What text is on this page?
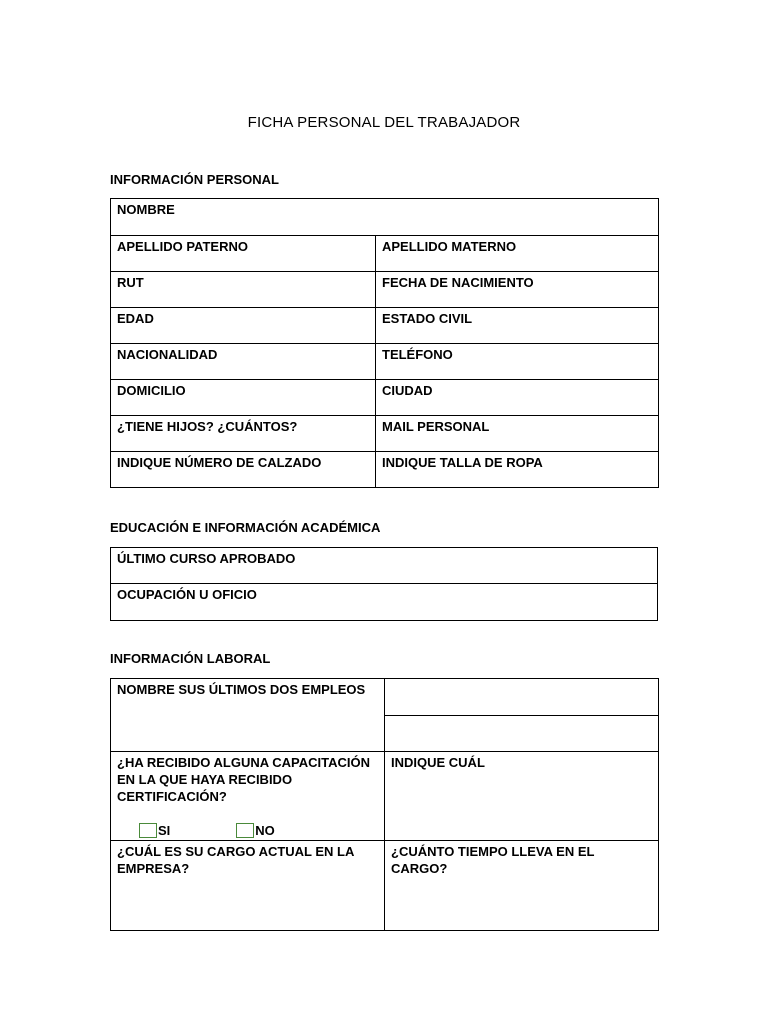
FICHA PERSONAL DEL TRABAJADOR
INFORMACIÓN PERSONAL
NOMBRE	

APELLIDO PATERNO	APELLIDO MATERNO

RUT	FECHA DE NACIMIENTO

EDAD	ESTADO CIVIL

NACIONALIDAD	TELÉFONO

DOMICILIO	CIUDAD

¿TIENE HIJOS? ¿CUÁNTOS?	MAIL PERSONAL

INDIQUE NÚMERO DE CALZADO	INDIQUE TALLA DE ROPA
EDUCACIÓN E INFORMACIÓN ACADÉMICA
ÚLTIMO CURSO APROBADO

OCUPACIÓN U OFICIO
INFORMACIÓN LABORAL
NOMBRE SUS ÚLTIMOS DOS EMPLEOS	

¿HA RECIBIDO ALGUNA CAPACITACIÓN EN LA QUE HAYA RECIBIDO CERTIFICACIÓN?
SI NO	INDIQUE CUÁL

¿CUÁL ES SU CARGO ACTUAL EN LA EMPRESA?	¿CUÁNTO TIEMPO LLEVA EN EL CARGO?
